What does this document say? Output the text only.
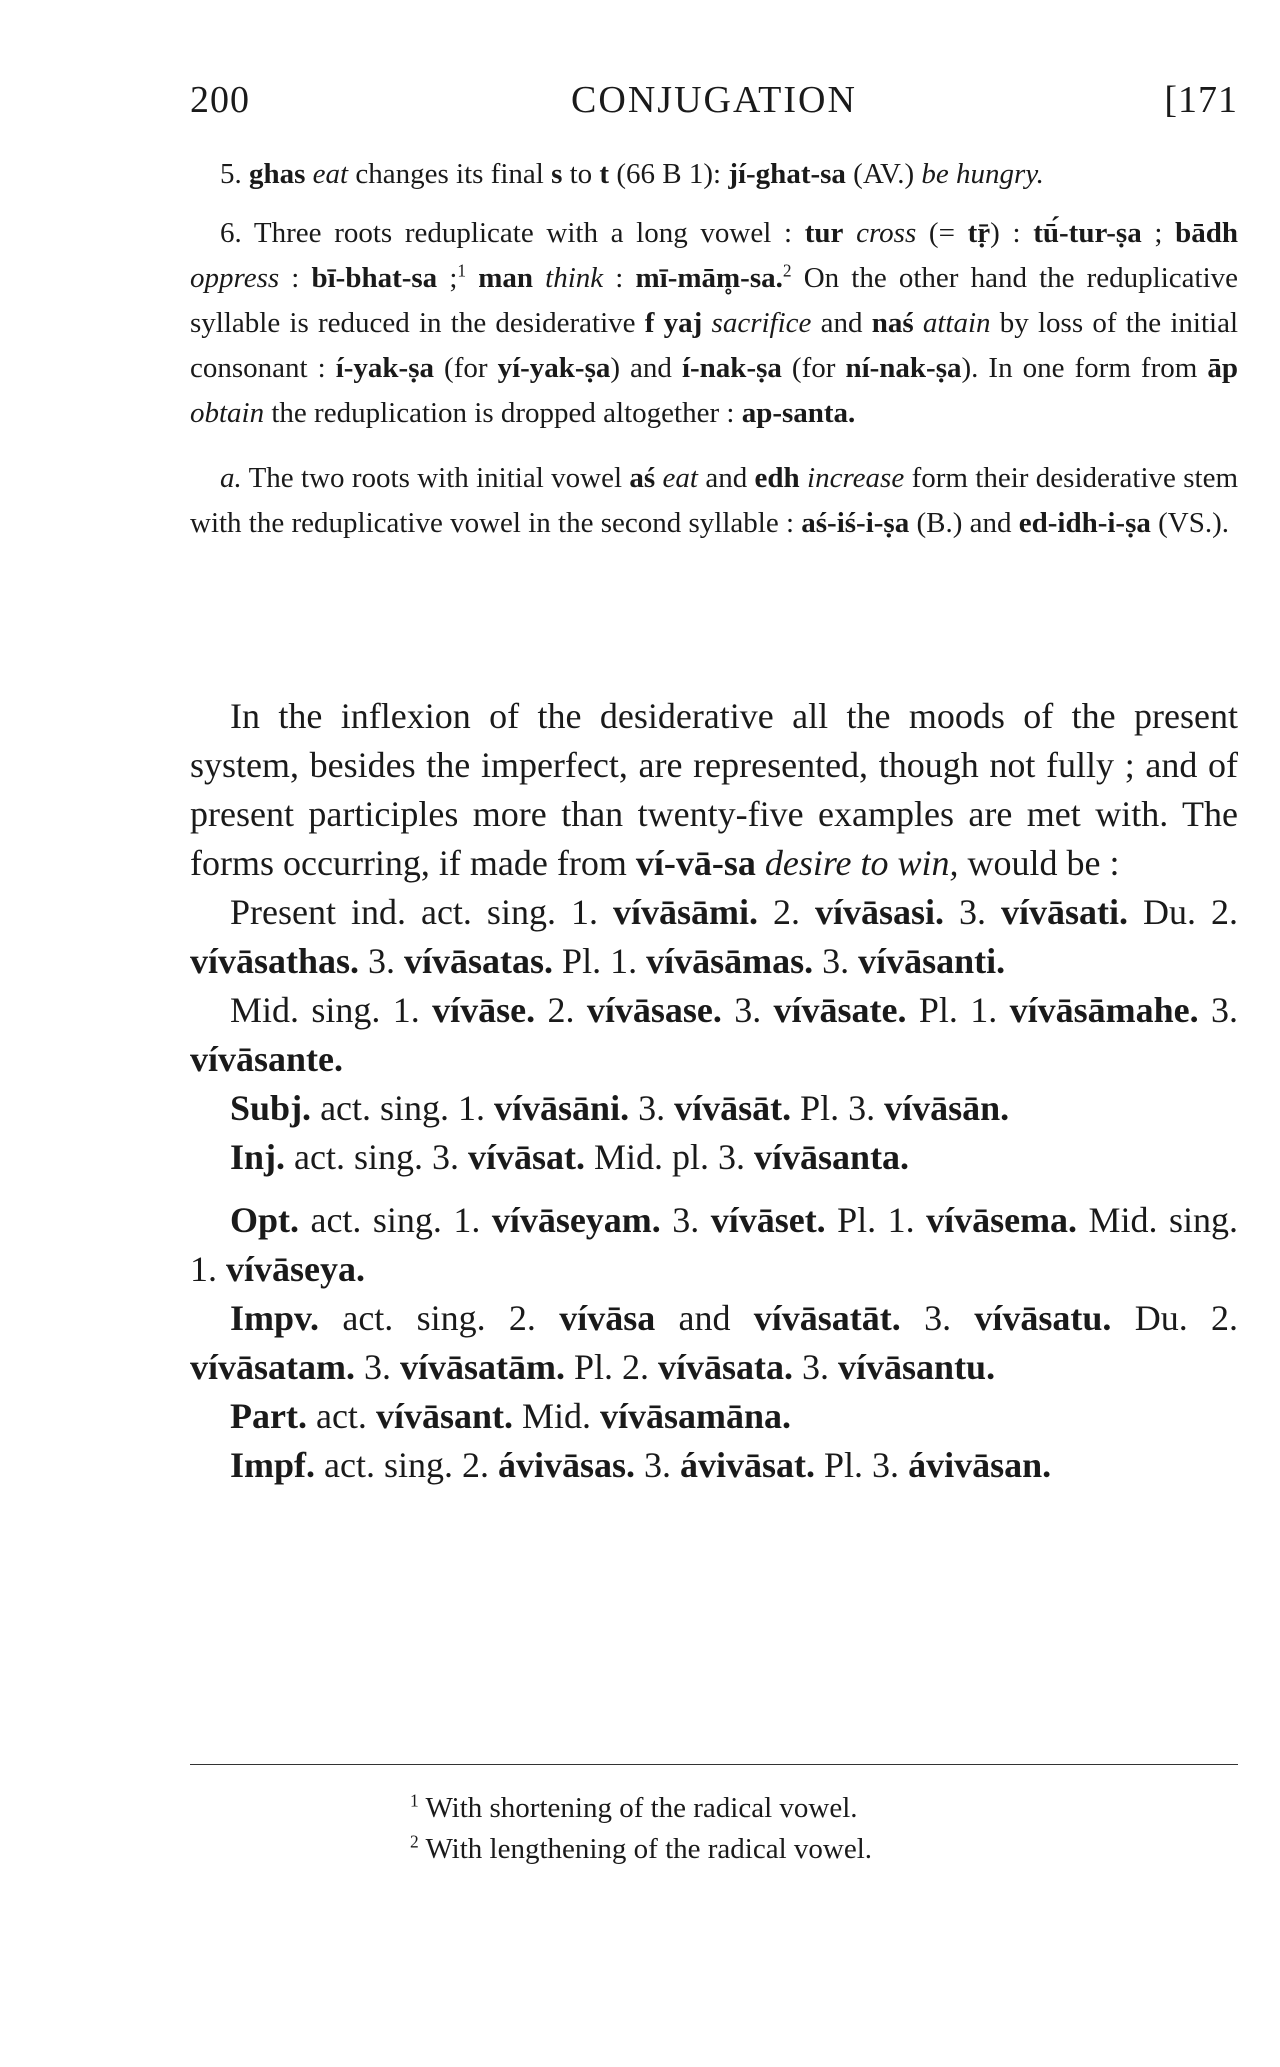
200	CONJUGATION	[171

5. ghas eat changes its final s to t (66 B 1): jí-ghat-sa (AV.) be hungry.

6. Three roots reduplicate with a long vowel : tur cross (= tṝ) : tū́-tur-ṣa ; bādh oppress : bī-bhat-sa ;$^1$ man think : mī-mām̥-sa.$^2$ On the other hand the reduplicative syllable is reduced in the desiderative f yaj sacrifice and naś attain by loss of the initial consonant : í-yak-ṣa (for yí-yak-ṣa) and í-nak-ṣa (for ní-nak-ṣa). In one form from āp obtain the reduplication is dropped altogether : ap-santa.

a. The two roots with initial vowel aś eat and edh increase form their desiderative stem with the reduplicative vowel in the second syllable : aś-iś-i-ṣa (B.) and ed-idh-i-ṣa (VS.).

In the inflexion of the desiderative all the moods of the present system, besides the imperfect, are represented, though not fully ; and of present participles more than twenty-five examples are met with. The forms occurring, if made from ví-vā-sa desire to win, would be :

Present ind. act. sing. 1. vívāsāmi. 2. vívāsasi. 3. vívāsati. Du. 2. vívāsathas. 3. vívāsatas. Pl. 1. vívāsāmas. 3. vívāsanti.

Mid. sing. 1. vívāse. 2. vívāsase. 3. vívāsate. Pl. 1. vívāsāmahe. 3. vívāsante.

Subj. act. sing. 1. vívāsāni. 3. vívāsāt. Pl. 3. vívāsān.

Inj. act. sing. 3. vívāsat. Mid. pl. 3. vívāsanta.

Opt. act. sing. 1. vívāseyam. 3. vívāset. Pl. 1. vívāsema. Mid. sing. 1. vívāseya.

Impv. act. sing. 2. vívāsa and vívāsatāt. 3. vívāsatu. Du. 2. vívāsatam. 3. vívāsatām. Pl. 2. vívāsata. 3. vívāsantu.

Part. act. vívāsant. Mid. vívāsamāna.

Impf. act. sing. 2. ávivāsas. 3. ávivāsat. Pl. 3. ávivāsan.

$^1$ With shortening of the radical vowel.

$^2$ With lengthening of the radical vowel.
